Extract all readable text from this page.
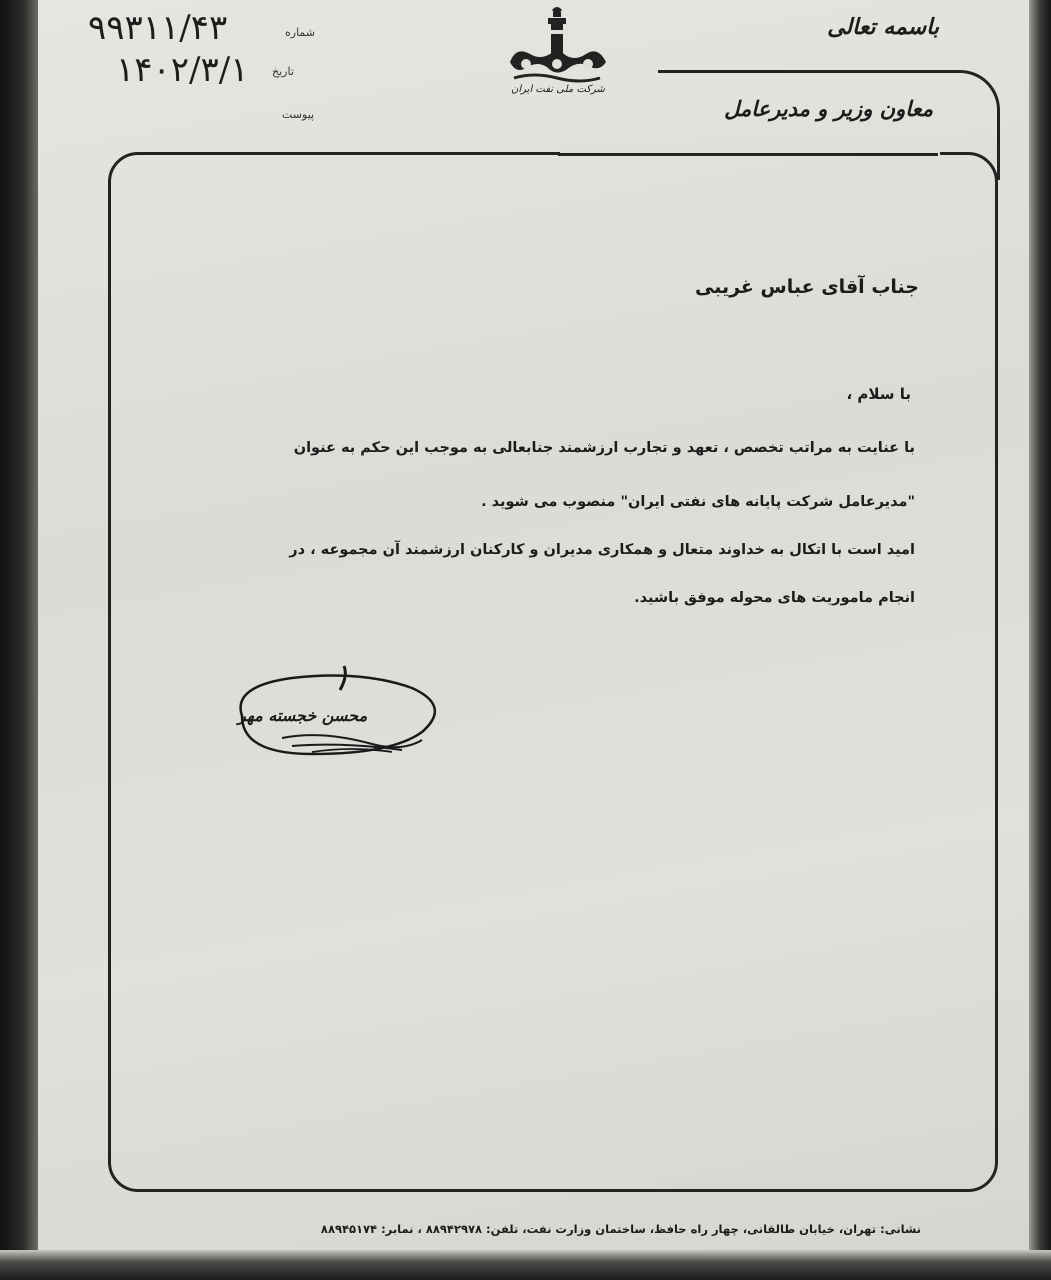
باسمه تعالی
معاون وزیر و مدیرعامل
شرکت ملی نفت ایران
شماره
تاریخ
پیوست
۹۹۳۱۱/۴۳
۱۴۰۲/۳/۱
جناب آقای عباس غریبی
با سلام ،
با عنایت به مراتب تخصص ، تعهد و تجارب ارزشمند جنابعالی به موجب این حکم به عنوان
"مدیرعامل شرکت پایانه های نفتی ایران" منصوب می شوید .
امید است با اتکال به خداوند متعال و همکاری مدیران و کارکنان ارزشمند آن مجموعه ، در
انجام ماموریت های محوله موفق باشید.
محسن خجسته مهر
نشانی: تهران، خیابان طالقانی، چهار راه حافظ، ساختمان وزارت نفت، تلفن: ۸۸۹۴۲۹۷۸ ، نمابر: ۸۸۹۴۵۱۷۴
